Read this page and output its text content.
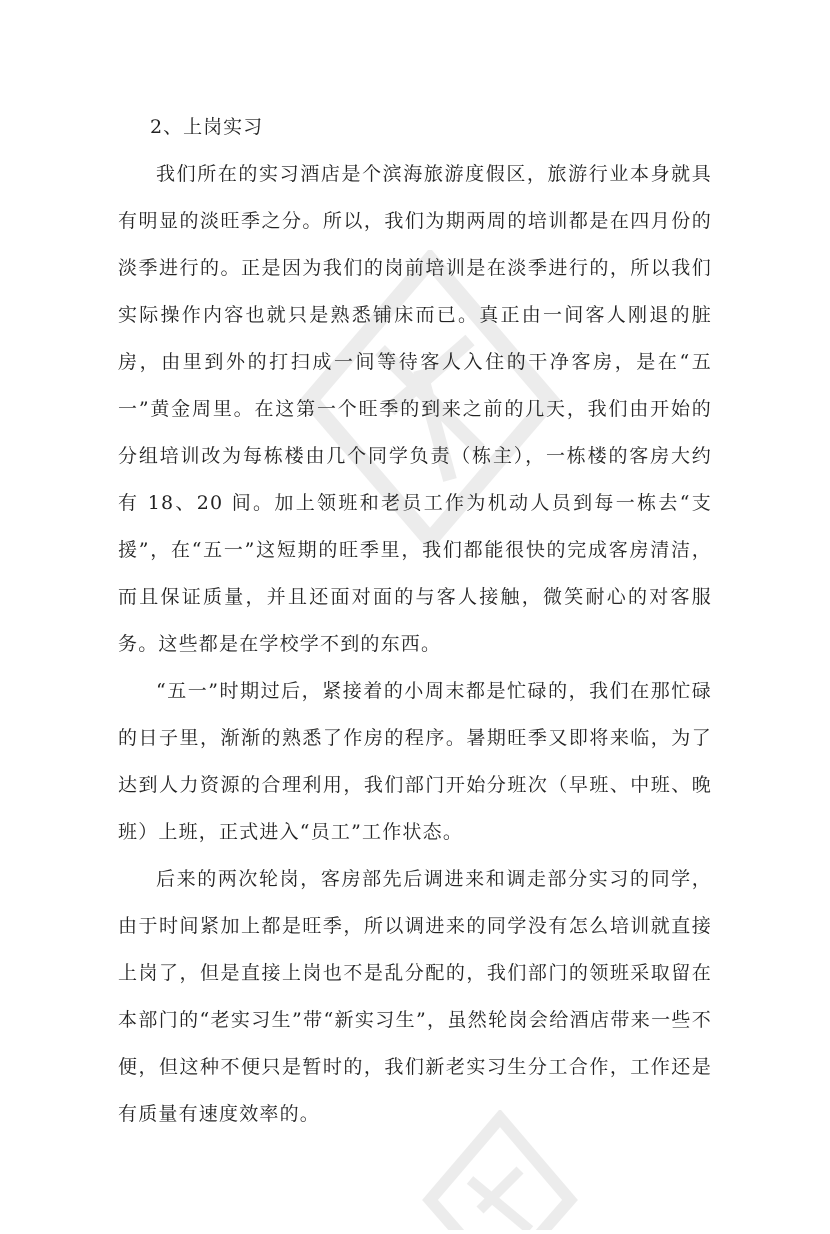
2、上岗实习

我们所在的实习酒店是个滨海旅游度假区，旅游行业本身就具有明显的淡旺季之分。所以，我们为期两周的培训都是在四月份的淡季进行的。正是因为我们的岗前培训是在淡季进行的，所以我们实际操作内容也就只是熟悉铺床而已。真正由一间客人刚退的脏房，由里到外的打扫成一间等待客人入住的干净客房，是在“五一”黄金周里。在这第一个旺季的到来之前的几天，我们由开始的分组培训改为每栋楼由几个同学负责（栋主），一栋楼的客房大约有 18、20 间。加上领班和老员工作为机动人员到每一栋去“支援”，在“五一”这短期的旺季里，我们都能很快的完成客房清洁，而且保证质量，并且还面对面的与客人接触，微笑耐心的对客服务。这些都是在学校学不到的东西。

“五一”时期过后，紧接着的小周末都是忙碌的，我们在那忙碌的日子里，渐渐的熟悉了作房的程序。暑期旺季又即将来临，为了达到人力资源的合理利用，我们部门开始分班次（早班、中班、晚班）上班，正式进入“员工”工作状态。

后来的两次轮岗，客房部先后调进来和调走部分实习的同学，由于时间紧加上都是旺季，所以调进来的同学没有怎么培训就直接上岗了，但是直接上岗也不是乱分配的，我们部门的领班采取留在本部门的“老实习生”带“新实习生”，虽然轮岗会给酒店带来一些不便，但这种不便只是暂时的，我们新老实习生分工合作，工作还是有质量有速度效率的。
